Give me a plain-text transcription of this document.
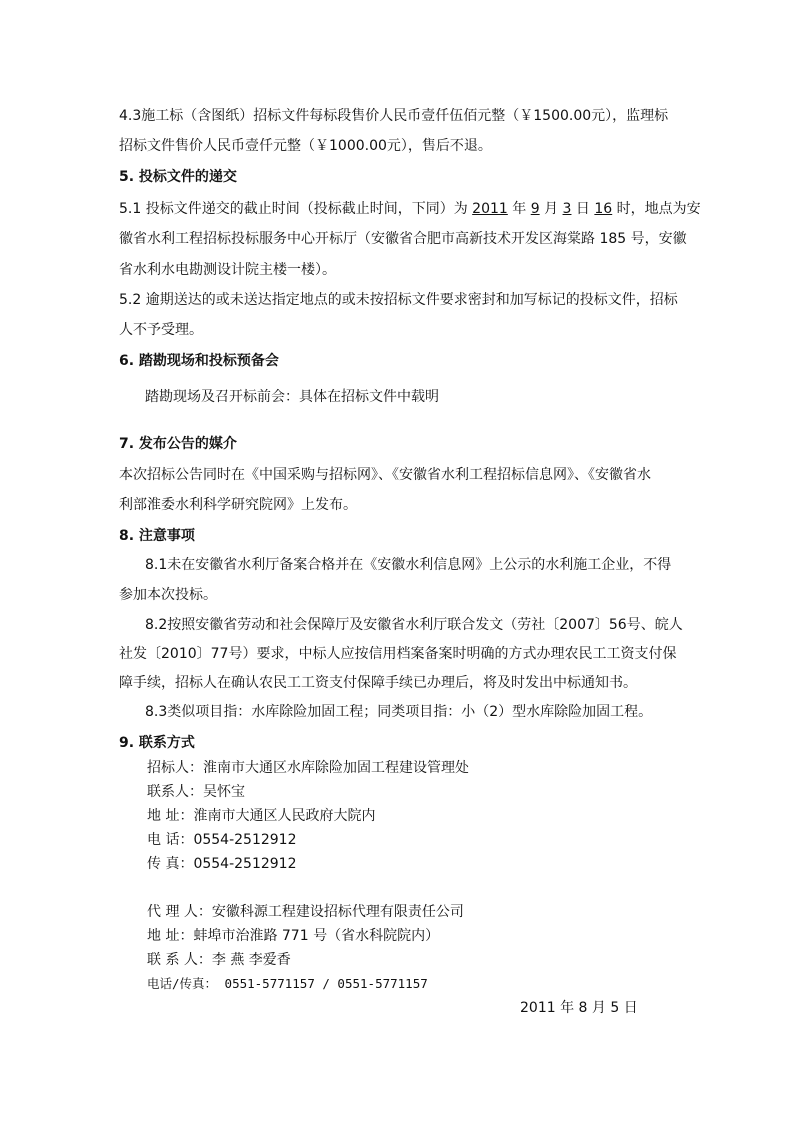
4.3施工标（含图纸）招标文件每标段售价人民币壹仟伍佰元整（￥1500.00元），监理标
招标文件售价人民币壹仟元整（￥1000.00元），售后不退。
5. 投标文件的递交
5.1 投标文件递交的截止时间（投标截止时间，下同）为 2011 年 9 月 3 日 16 时，地点为安
徽省水利工程招标投标服务中心开标厅（安徽省合肥市高新技术开发区海棠路 185 号，安徽
省水利水电勘测设计院主楼一楼）。
5.2 逾期送达的或未送达指定地点的或未按招标文件要求密封和加写标记的投标文件，招标
人不予受理。
6. 踏勘现场和投标预备会
踏勘现场及召开标前会：具体在招标文件中载明
7. 发布公告的媒介
本次招标公告同时在《中国采购与招标网》、《安徽省水利工程招标信息网》、《安徽省水
利部淮委水利科学研究院网》上发布。
8. 注意事项
8.1未在安徽省水利厅备案合格并在《安徽水利信息网》上公示的水利施工企业，不得
参加本次投标。
8.2按照安徽省劳动和社会保障厅及安徽省水利厅联合发文（劳社〔2007〕56号、皖人
社发〔2010〕77号）要求，中标人应按信用档案备案时明确的方式办理农民工工资支付保
障手续，招标人在确认农民工工资支付保障手续已办理后，将及时发出中标通知书。
8.3类似项目指：水库除险加固工程；同类项目指：小（2）型水库除险加固工程。
9. 联系方式
招标人：淮南市大通区水库除险加固工程建设管理处
联系人：吴怀宝
地 址：淮南市大通区人民政府大院内
电 话：0554-2512912
传 真：0554-2512912
代 理 人：安徽科源工程建设招标代理有限责任公司
地 址：蚌埠市治淮路 771 号（省水科院院内）
联 系 人：李 燕 李爱香
电话/传真： 0551-5771157 / 0551-5771157
2011 年 8 月 5 日
